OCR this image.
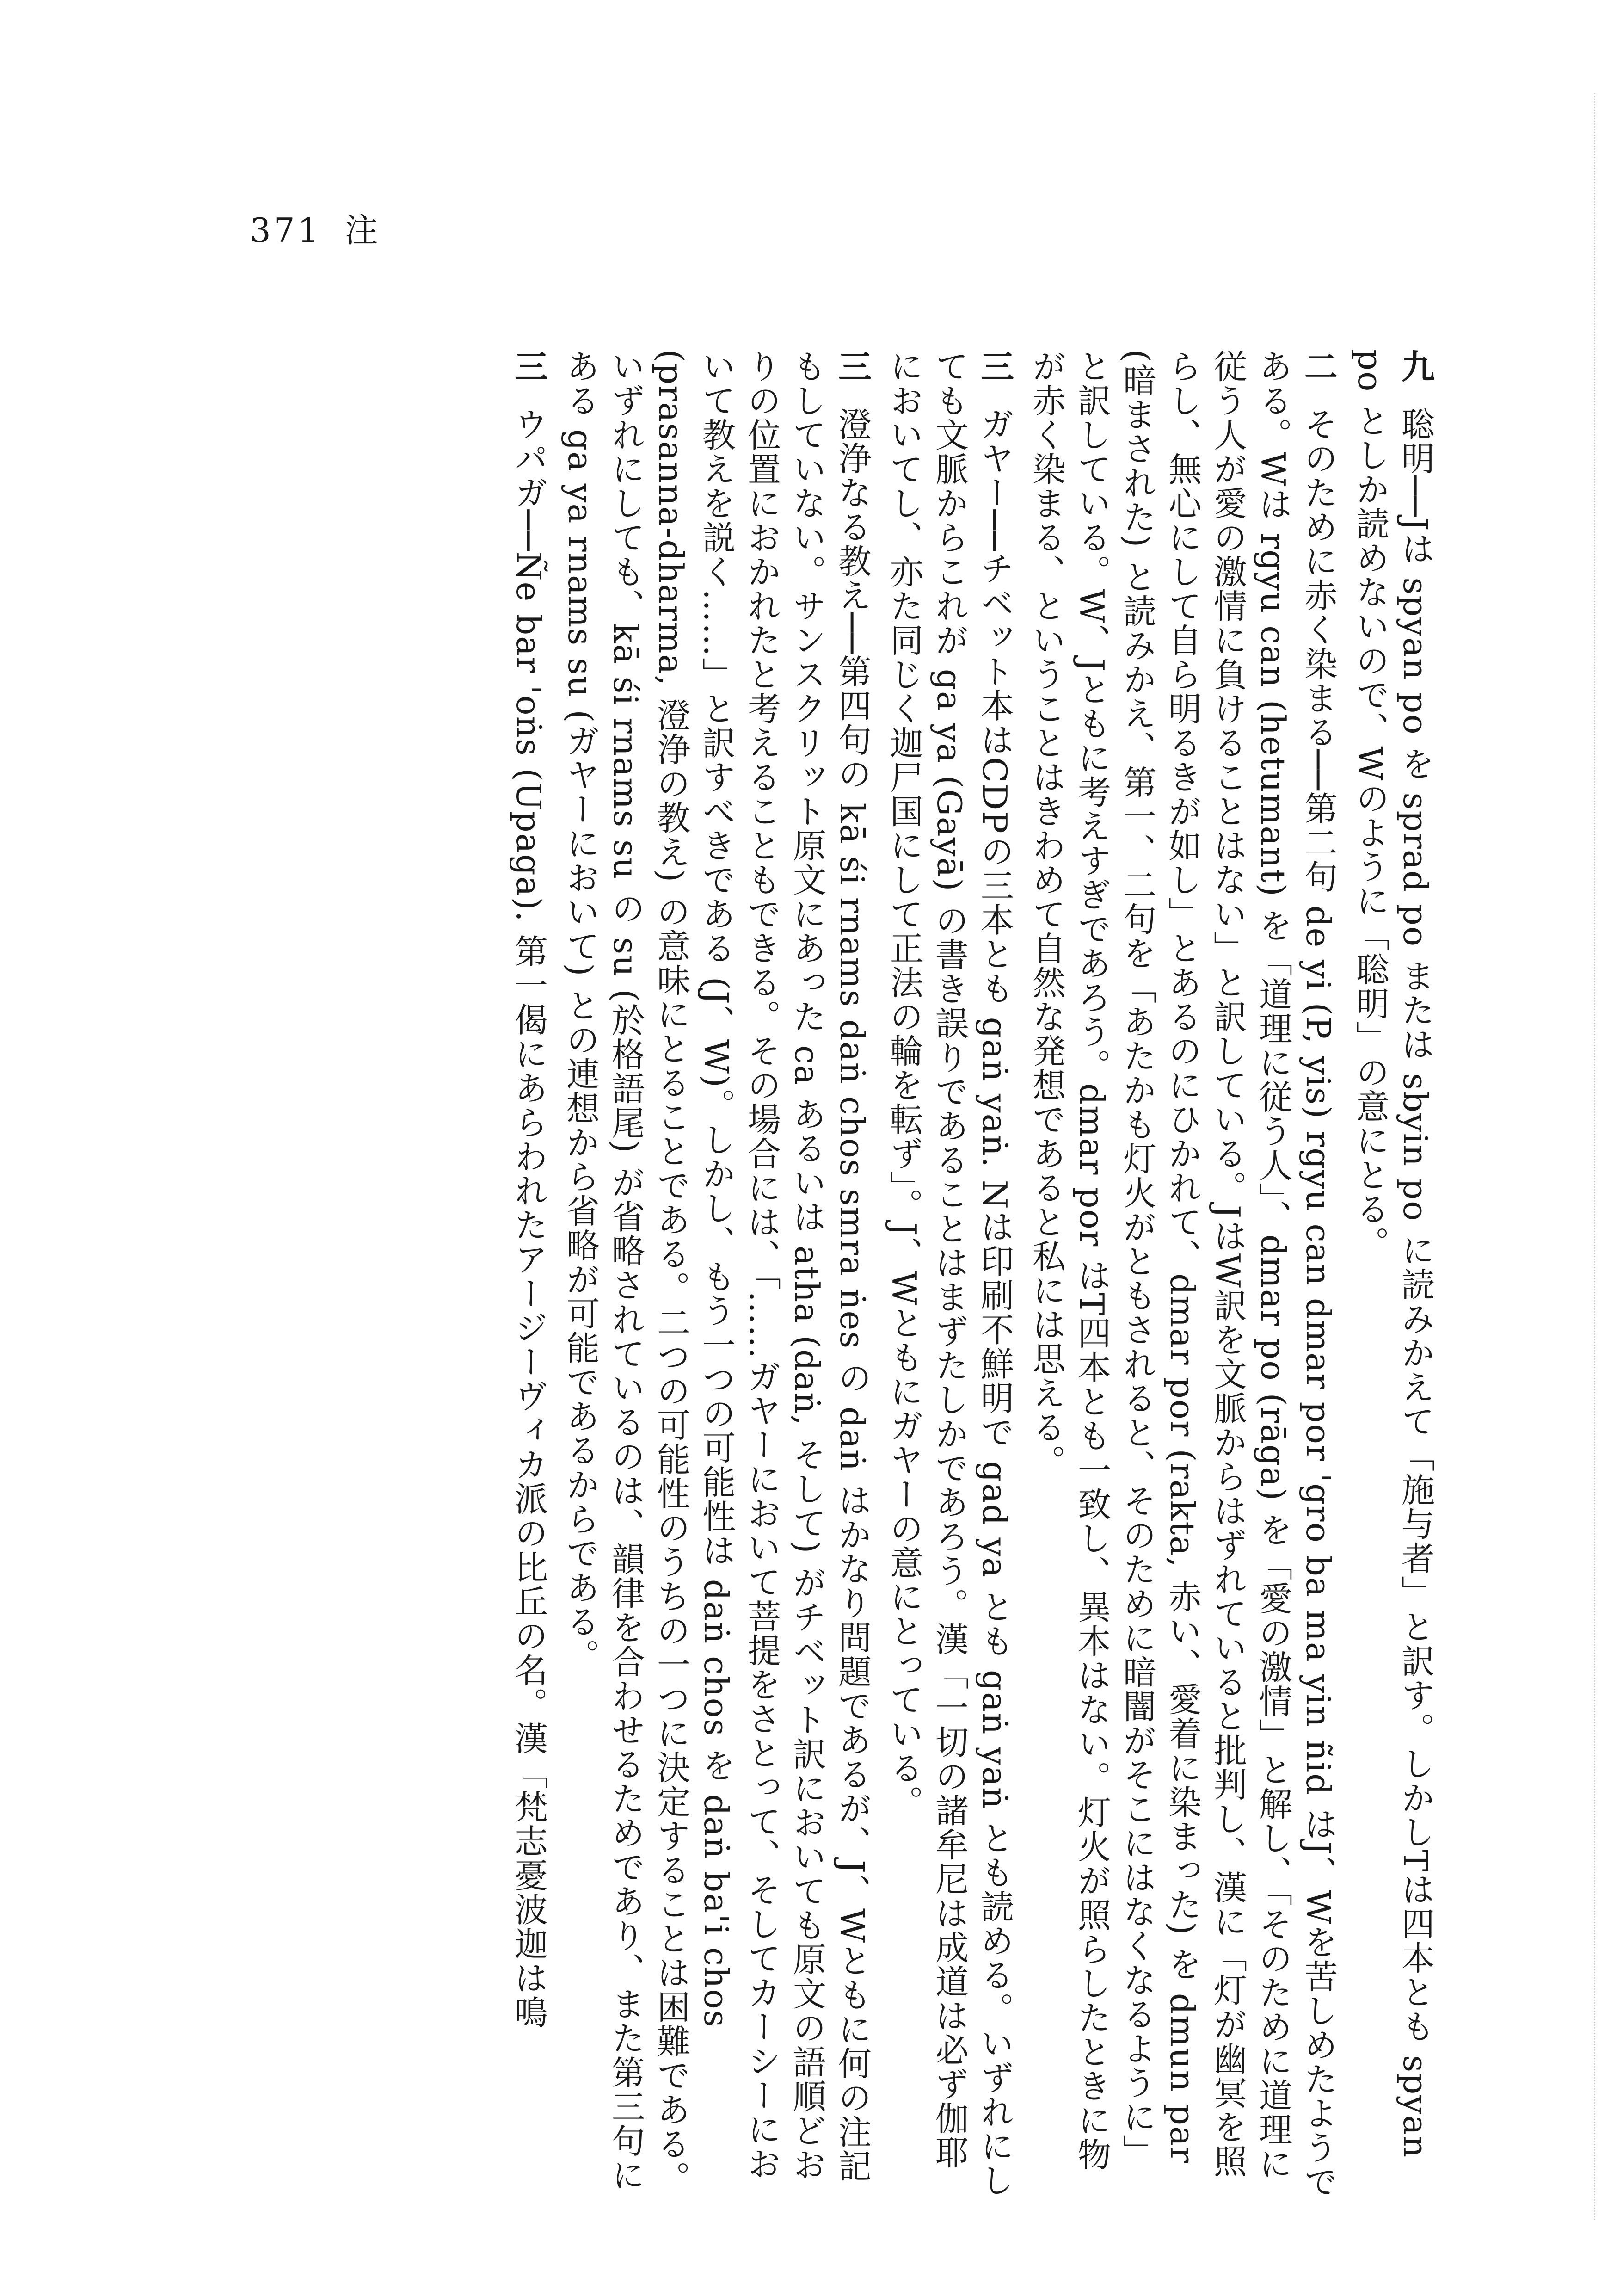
371 注

九 聡明──Jは spyan po を sprad po または sbyin po に読みかえて「施与者」と訳す。しかしTは四本とも spyan po としか読めないので、Wのように「聡明」の意にとる。

二 そのために赤く染まる──第二句 de yi (P, yis) rgyu can dmar por 'gro ba ma yin ñid はJ、Wを苦しめたようである。Wは rgyu can (hetumant) を「道理に従う人」、dmar po (rāga) を「愛の激情」と解し、「そのために道理に従う人が愛の激情に負けることはない」と訳している。JはW訳を文脈からはずれていると批判し、漢に「灯が幽冥を照らし、無心にして自ら明るきが如し」とあるのにひかれて、dmar por (rakta, 赤い、愛着に染まった) を dmun par (暗まされた) と読みかえ、第一、二句を「あたかも灯火がともされると、そのために暗闇がそこにはなくなるように」と訳している。W、Jともに考えすぎであろう。dmar por はT四本とも一致し、異本はない。灯火が照らしたときに物が赤く染まる、ということはきわめて自然な発想であると私には思える。

三 ガヤー──チベット本はCDPの三本とも gaṅ yaṅ. Nは印刷不鮮明で gad ya とも gaṅ yaṅ とも読める。いずれにしても文脈からこれが ga ya (Gayā) の書き誤りであることはまずたしかであろう。漢「一切の諸牟尼は成道は必ず伽耶においてし、亦た同じく迦尸国にして正法の輪を転ず」。J、Wともにガヤーの意にとっている。

三 澄浄なる教え──第四句の kā śi rnams daṅ chos smra ṅes の daṅ はかなり問題であるが、J、Wともに何の注記もしていない。サンスクリット原文にあった ca あるいは atha (daṅ, そして) がチベット訳においても原文の語順どおりの位置におかれたと考えることもできる。その場合には、「……ガヤーにおいて菩提をさとって、そしてカーシーにおいて教えを説く……」と訳すべきである (J、W)。しかし、もう一つの可能性は daṅ chos を daṅ ba'i chos (prasanna-dharma, 澄浄の教え) の意味にとることである。二つの可能性のうちの一つに決定することは困難である。いずれにしても、kā śi rnams su の su (於格語尾) が省略されているのは、韻律を合わせるためであり、また第三句にある ga ya rnams su (ガヤーにおいて) との連想から省略が可能であるからである。

三 ウパガ──Ñe bar 'oṅs (Upaga). 第一偈にあらわれたアージーヴィカ派の比丘の名。漢「梵志憂波迦は鳴
